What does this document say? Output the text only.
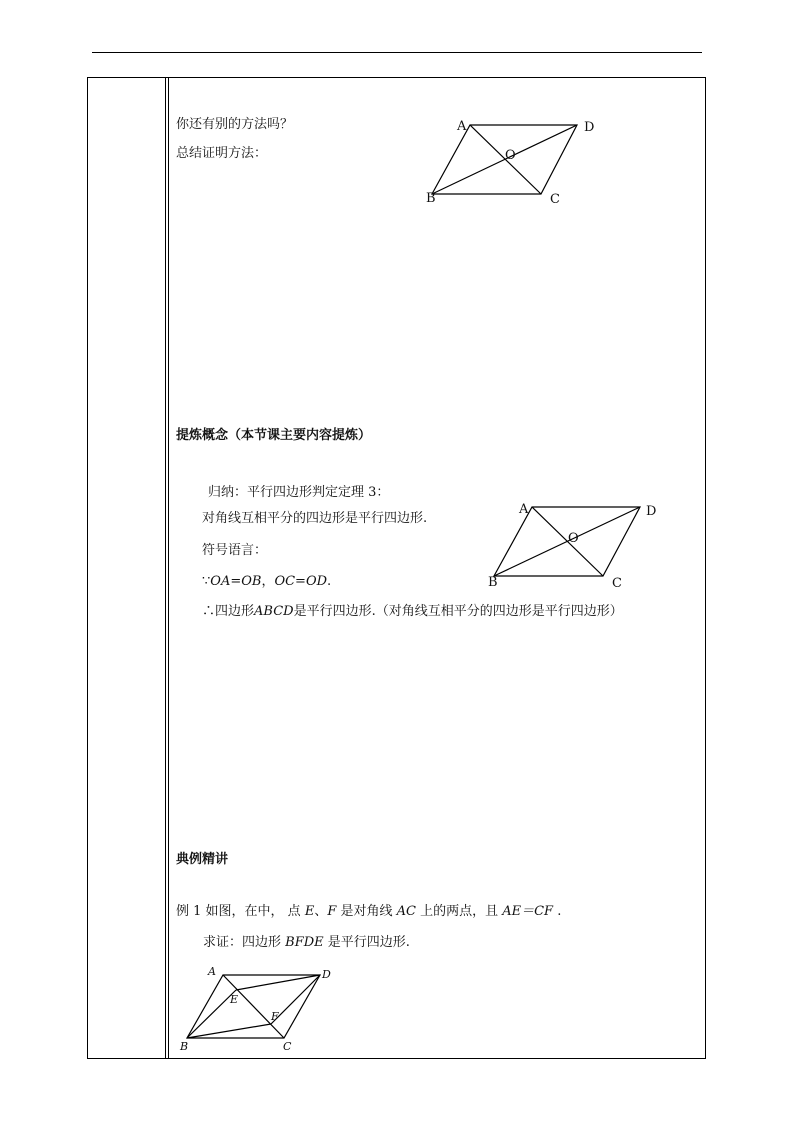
你还有别的方法吗？
总结证明方法：
A	D
O
B	C
提炼概念（本节课主要内容提炼）
归纳：平行四边形判定定理 3：
对角线互相平分的四边形是平行四边形.
符号语言：
∵OA=OB，OC=OD.
∴四边形ABCD是平行四边形.（对角线互相平分的四边形是平行四边形）
A	D
O
B	C
典例精讲
例 1 如图，在中， 点 E、F 是对角线 AC 上的两点，且 AE＝CF .
求证：四边形 BFDE 是平行四边形.
A	D
E
F
B	C
